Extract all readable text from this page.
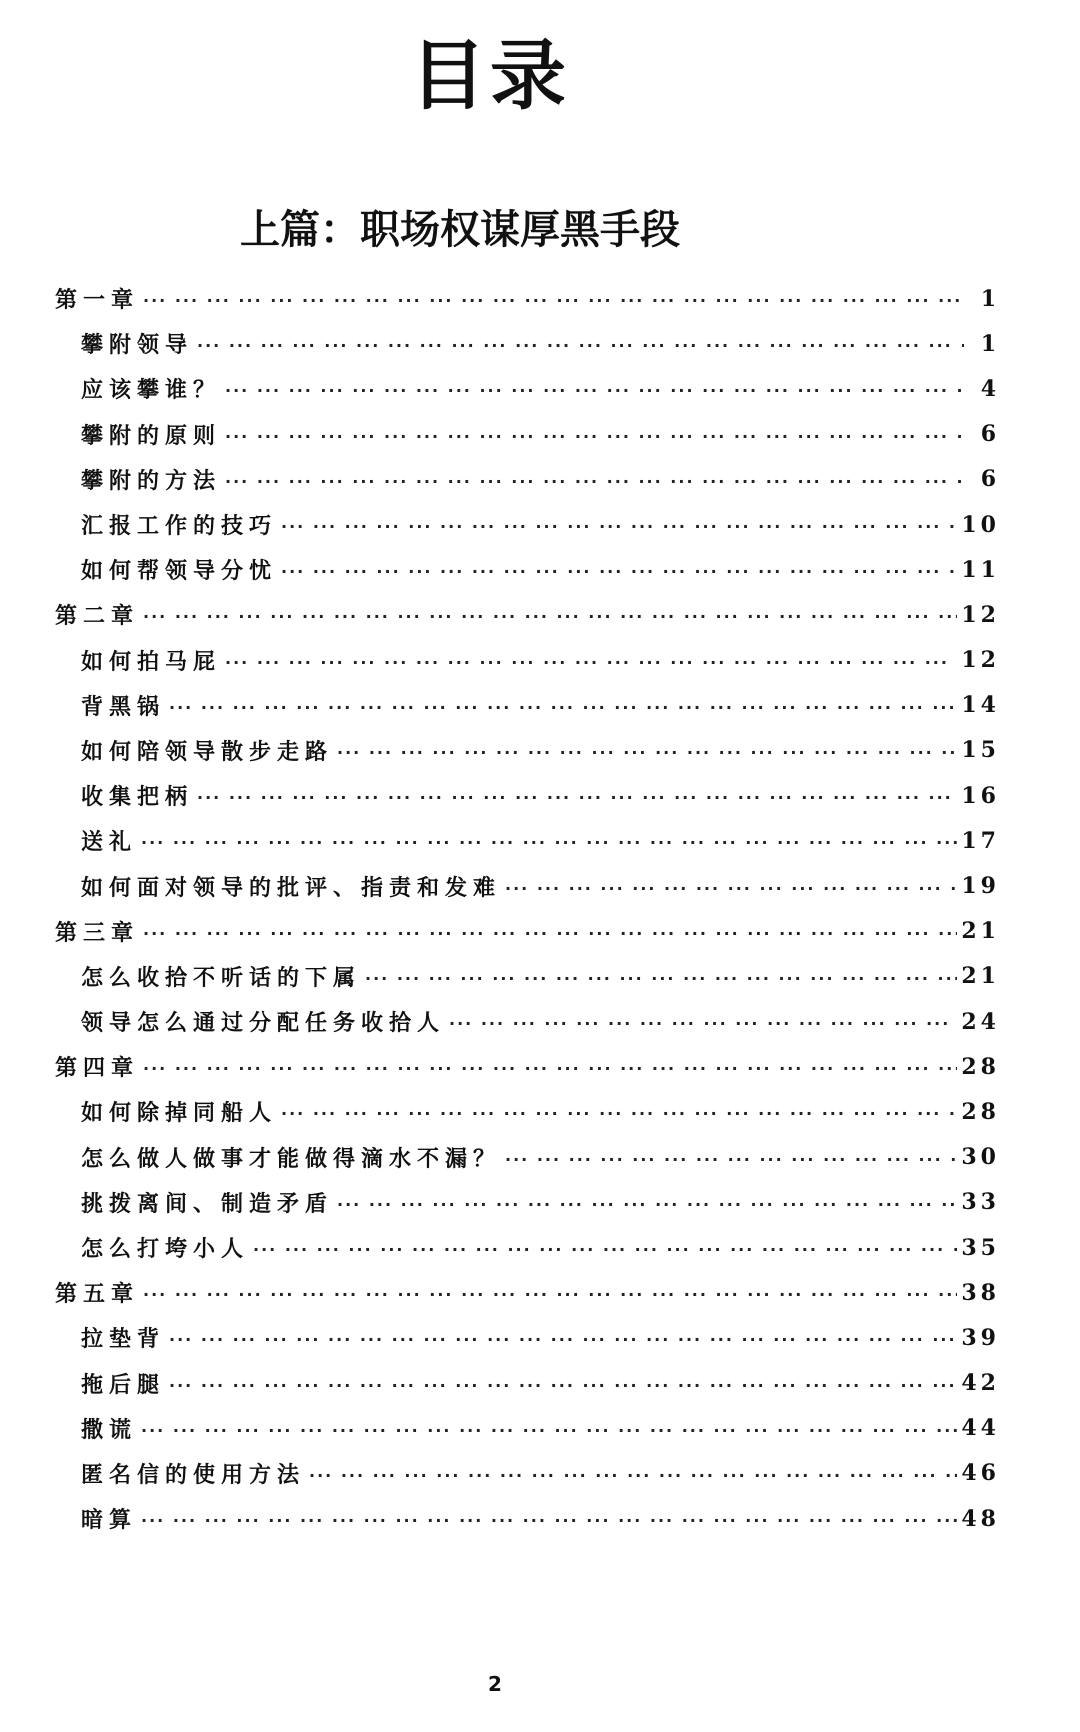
目录
上篇：职场权谋厚黑手段
第一章 ··· ·	1
攀附领导 ··· ·	1
应该攀谁？ ··· ·	4
攀附的原则 ··· ·	6
攀附的方法 ··· ·	6
汇报工作的技巧 ··· ·	10
如何帮领导分忧 ··· ·	11
第二章 ··· ·	12
如何拍马屁 ··· ·	12
背黑锅 ··· ·	14
如何陪领导散步走路 ··· ·	15
收集把柄 ··· ·	16
送礼 ··· ·	17
如何面对领导的批评、指责和发难 ··· ·	19
第三章 ··· ·	21
怎么收拾不听话的下属 ··· ·	21
领导怎么通过分配任务收拾人 ··· ·	24
第四章 ··· ·	28
如何除掉同船人 ··· ·	28
怎么做人做事才能做得滴水不漏？ ··· ·	30
挑拨离间、制造矛盾 ··· ·	33
怎么打垮小人 ··· ·	35
第五章 ··· ·	38
拉垫背 ··· ·	39
拖后腿 ··· ·	42
撒谎 ··· ·	44
匿名信的使用方法 ··· ·	46
暗算 ··· ·	48
2
